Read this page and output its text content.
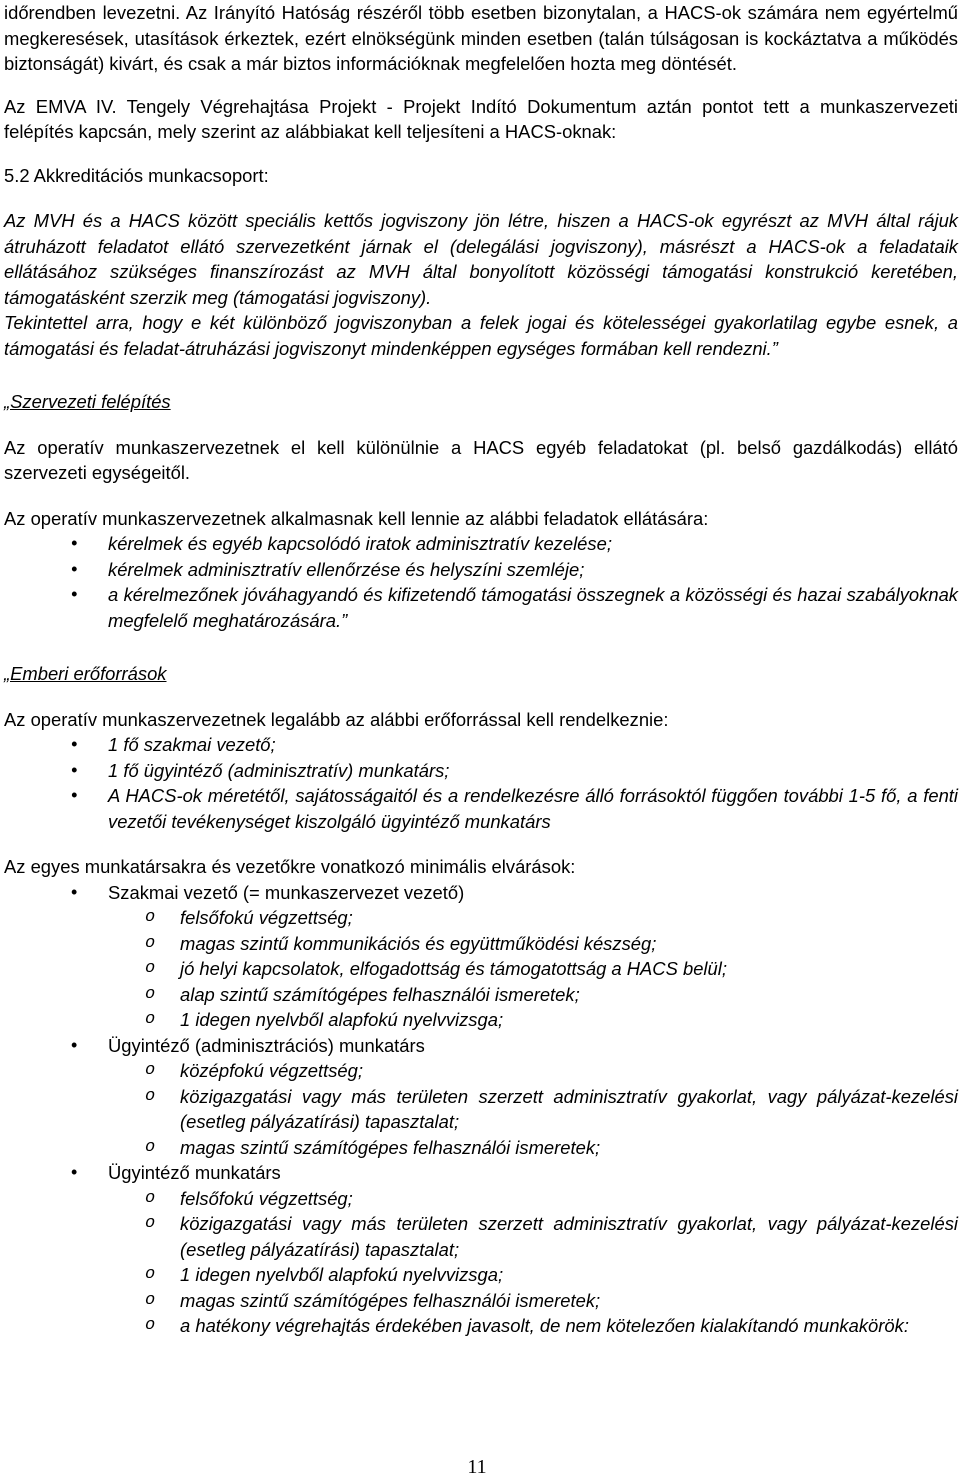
időrendben levezetni. Az Irányító Hatóság részéről több esetben bizonytalan, a HACS-ok számára nem egyértelmű megkeresések, utasítások érkeztek, ezért elnökségünk minden esetben (talán túlságosan is kockáztatva a működés biztonságát) kivárt, és csak a már biztos információknak megfelelően hozta meg döntését.

Az EMVA IV. Tengely Végrehajtása Projekt - Projekt Indító Dokumentum aztán pontot tett a munkaszervezeti felépítés kapcsán, mely szerint az alábbiakat kell teljesíteni a HACS-oknak:

5.2 Akkreditációs munkacsoport:

Az MVH és a HACS között speciális kettős jogviszony jön létre, hiszen a HACS-ok egyrészt az MVH által rájuk átruházott feladatot ellátó szervezetként járnak el (delegálási jogviszony), másrészt a HACS-ok a feladataik ellátásához szükséges finanszírozást az MVH által bonyolított közösségi támogatási konstrukció keretében, támogatásként szerzik meg (támogatási jogviszony).

Tekintettel arra, hogy e két különböző jogviszonyban a felek jogai és kötelességei gyakorlatilag egybe esnek, a támogatási és feladat-átruházási jogviszonyt mindenképpen egységes formában kell rendezni.”

„Szervezeti felépítés

Az operatív munkaszervezetnek el kell különülnie a HACS egyéb feladatokat (pl. belső gazdálkodás) ellátó szervezeti egységeitől.

Az operatív munkaszervezetnek alkalmasnak kell lennie az alábbi feladatok ellátására:

• kérelmek és egyéb kapcsolódó iratok adminisztratív kezelése;
• kérelmek adminisztratív ellenőrzése és helyszíni szemléje;
• a kérelmezőnek jóváhagyandó és kifizetendő támogatási összegnek a közösségi és hazai szabályoknak megfelelő meghatározására.”

„Emberi erőforrások

Az operatív munkaszervezetnek legalább az alábbi erőforrással kell rendelkeznie:

• 1 fő szakmai vezető;
• 1 fő ügyintéző (adminisztratív) munkatárs;
• A HACS-ok méretétől, sajátosságaitól és a rendelkezésre álló forrásoktól függően további 1-5 fő, a fenti vezetői tevékenységet kiszolgáló ügyintéző munkatárs

Az egyes munkatársakra és vezetőkre vonatkozó minimális elvárások:

• Szakmai vezető (= munkaszervezet vezető)
o felsőfokú végzettség;
o magas szintű kommunikációs és együttműködési készség;
o jó helyi kapcsolatok, elfogadottság és támogatottság a HACS belül;
o alap szintű számítógépes felhasználói ismeretek;
o 1 idegen nyelvből alapfokú nyelvvizsga;
• Ügyintéző (adminisztrációs) munkatárs
o középfokú végzettség;
o közigazgatási vagy más területen szerzett adminisztratív gyakorlat, vagy pályázat-kezelési (esetleg pályázatírási) tapasztalat;
o magas szintű számítógépes felhasználói ismeretek;
• Ügyintéző munkatárs
o felsőfokú végzettség;
o közigazgatási vagy más területen szerzett adminisztratív gyakorlat, vagy pályázat-kezelési (esetleg pályázatírási) tapasztalat;
o 1 idegen nyelvből alapfokú nyelvvizsga;
o magas szintű számítógépes felhasználói ismeretek;
o a hatékony végrehajtás érdekében javasolt, de nem kötelezően kialakítandó munkakörök:
11
